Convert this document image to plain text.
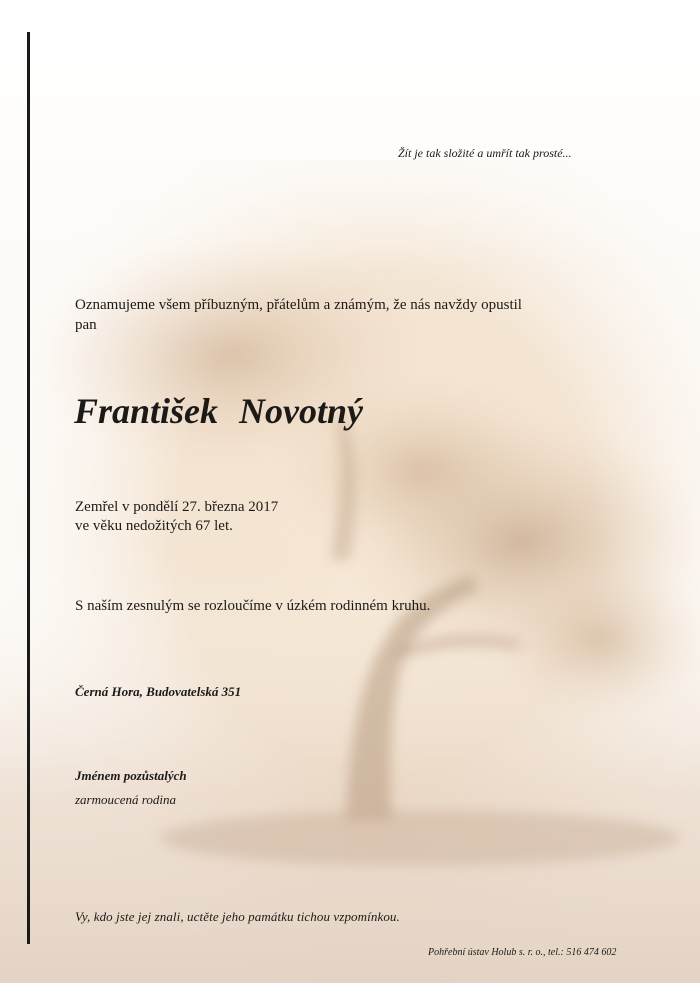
Žít je tak složité a umřít tak prosté...

Oznamujeme všem příbuzným, přátelům a známým, že nás navždy opustil
pan
František Novotný
Zemřel v pondělí 27. března 2017
ve věku nedožitých 67 let.

S naším zesnulým se rozloučíme v úzkém rodinném kruhu.

Černá Hora, Budovatelská 351

Jménem pozůstalých

zarmoucená rodina

Vy, kdo jste jej znali, uctěte jeho památku tichou vzpomínkou.

Pohřební ústav Holub s. r. o., tel.: 516 474 602
